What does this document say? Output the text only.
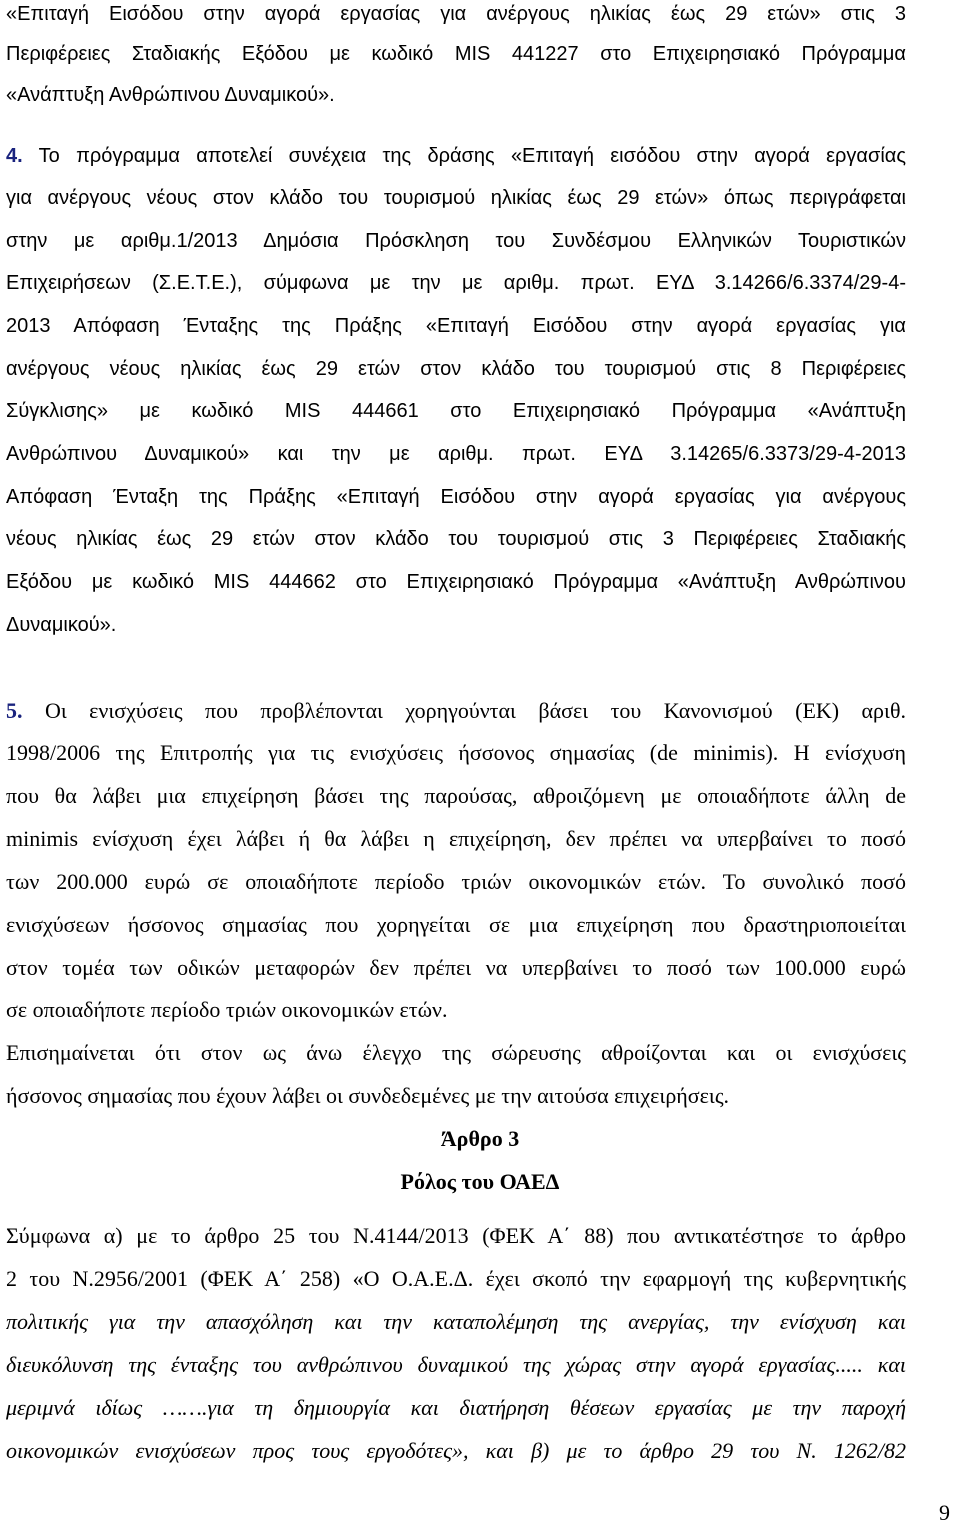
«Επιταγή Εισόδου στην αγορά εργασίας για ανέργους ηλικίας έως 29 ετών» στις 3

Περιφέρειες Σταδιακής Εξόδου με κωδικό MIS 441227 στο Επιχειρησιακό Πρόγραμμα

«Ανάπτυξη Ανθρώπινου Δυναμικού».

4. Το πρόγραμμα αποτελεί συνέχεια της δράσης «Επιταγή εισόδου στην αγορά εργασίας

για ανέργους νέους στον κλάδο του τουρισμού ηλικίας έως 29 ετών» όπως περιγράφεται

στην με αριθμ.1/2013 Δημόσια Πρόσκληση του Συνδέσμου Ελληνικών Τουριστικών

Επιχειρήσεων (Σ.Ε.Τ.Ε.), σύμφωνα με την με αριθμ. πρωτ. ΕΥΔ 3.14266/6.3374/29-4-

2013 Απόφαση Ένταξης της Πράξης «Επιταγή Εισόδου στην αγορά εργασίας για

ανέργους νέους ηλικίας έως 29 ετών στον κλάδο του τουρισμού στις 8 Περιφέρειες

Σύγκλισης» με κωδικό MIS 444661 στο Επιχειρησιακό Πρόγραμμα «Ανάπτυξη

Ανθρώπινου Δυναμικού» και την με αριθμ. πρωτ. ΕΥΔ 3.14265/6.3373/29-4-2013

Απόφαση Ένταξη της Πράξης «Επιταγή Εισόδου στην αγορά εργασίας για ανέργους

νέους ηλικίας έως 29 ετών στον κλάδο του τουρισμού στις 3 Περιφέρειες Σταδιακής

Εξόδου με κωδικό MIS 444662 στο Επιχειρησιακό Πρόγραμμα «Ανάπτυξη Ανθρώπινου

Δυναμικού».

5. Οι ενισχύσεις που προβλέπονται χορηγούνται βάσει του Κανονισμού (ΕΚ) αριθ.

1998/2006 της Επιτροπής για τις ενισχύσεις ήσσονος σημασίας (de minimis). Η ενίσχυση

που θα λάβει μια επιχείρηση βάσει της παρούσας, αθροιζόμενη με οποιαδήποτε άλλη de

minimis ενίσχυση έχει λάβει ή θα λάβει η επιχείρηση, δεν πρέπει να υπερβαίνει το ποσό

των 200.000 ευρώ σε οποιαδήποτε περίοδο τριών οικονομικών ετών. Το συνολικό ποσό

ενισχύσεων ήσσονος σημασίας που χορηγείται σε μια επιχείρηση που δραστηριοποιείται

στον τομέα των οδικών μεταφορών δεν πρέπει να υπερβαίνει το ποσό των 100.000 ευρώ

σε οποιαδήποτε περίοδο τριών οικονομικών ετών.

Επισημαίνεται ότι στον ως άνω έλεγχο της σώρευσης αθροίζονται και οι ενισχύσεις

ήσσονος σημασίας που έχουν λάβει οι συνδεδεμένες με την αιτούσα επιχειρήσεις.

Άρθρο 3

Ρόλος του ΟΑΕΔ

Σύμφωνα α) με το άρθρο 25 του Ν.4144/2013 (ΦΕΚ Α΄ 88) που αντικατέστησε το άρθρο

2 του Ν.2956/2001 (ΦΕΚ Α΄ 258) «Ο Ο.Α.Ε.Δ. έχει σκοπό την εφαρμογή της κυβερνητικής

πολιτικής για την απασχόληση και την καταπολέμηση της ανεργίας, την ενίσχυση και

διευκόλυνση της ένταξης του ανθρώπινου δυναμικού της χώρας στην αγορά εργασίας..... και

μεριμνά ιδίως …….για τη δημιουργία και διατήρηση θέσεων εργασίας με την παροχή

οικονομικών ενισχύσεων προς τους εργοδότες», και β) με το άρθρο 29 του Ν. 1262/82

9
